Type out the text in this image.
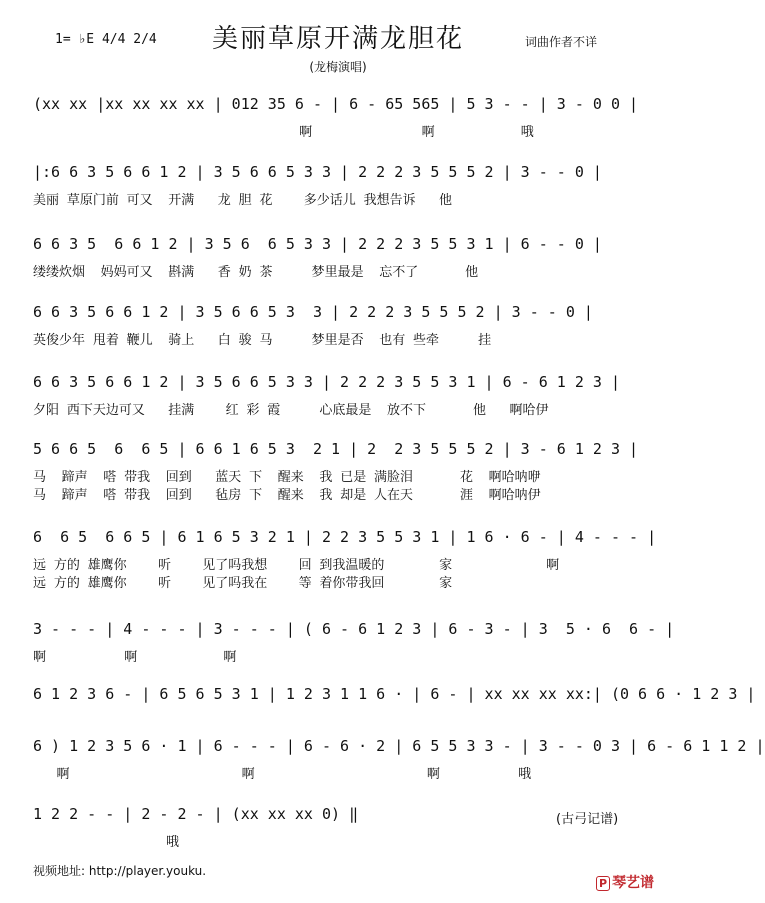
1= ♭E 4/4 2/4	美丽草原开满龙胆花	词曲作者不详
(龙梅演唱)
(xx xx |xx xx xx xx | 012 35 6 - | 6 - 65 565 | 5 3 - - | 3 - 0 0 |
啊              啊           哦
|:6 6 3 5 6 6 1 2 | 3 5 6 6 5 3 3 | 2 2 2 3 5 5 5 2 | 3 - - 0 |
美丽 草原门前 可又  开满   龙 胆 花    多少话儿 我想告诉   他
6 6 3 5  6 6 1 2 | 3 5 6  6 5 3 3 | 2 2 2 3 5 5 3 1 | 6 - - 0 |
缕缕炊烟  妈妈可又  斟满   香 奶 茶     梦里最是  忘不了      他
6 6 3 5 6 6 1 2 | 3 5 6 6 5 3  3 | 2 2 2 3 5 5 5 2 | 3 - - 0 |
英俊少年 甩着 鞭儿  骑上   白 骏 马     梦里是否  也有 些牵     挂
6 6 3 5 6 6 1 2 | 3 5 6 6 5 3 3 | 2 2 2 3 5 5 3 1 | 6 - 6 1 2 3 |
夕阳 西下天边可又   挂满    红 彩 霞     心底最是  放不下      他   啊哈伊
5 6 6 5  6  6 5 | 6 6 1 6 5 3  2 1 | 2  2 3 5 5 5 2 | 3 - 6 1 2 3 |
马  蹄声  嗒 带我  回到   蓝天 下  醒来  我 已是 满脸泪      花  啊哈呐咿
马  蹄声  嗒 带我  回到   毡房 下  醒来  我 却是 人在天      涯  啊哈呐伊
6  6 5  6 6 5 | 6 1 6 5 3 2 1 | 2 2 3 5 5 3 1 | 1 6 · 6 - | 4 - - - |
远 方的 雄鹰你    听    见了吗我想    回 到我温暖的       家            啊
远 方的 雄鹰你    听    见了吗我在    等 着你带我回       家
3 - - - | 4 - - - | 3 - - - | ( 6 - 6 1 2 3 | 6 - 3 - | 3  5 · 6  6 - |
啊          啊           啊
6 1 2 3 6 - | 6 5 6 5 3 1 | 1 2 3 1 1 6 · | 6 - | xx xx xx xx:| (0 6 6 · 1 2 3 |
6 ) 1 2 3 5 6 · 1 | 6 - - - | 6 - 6 · 2 | 6 5 5 3 3 - | 3 - - 0 3 | 6 - 6 1 1 2 |
啊                      啊                      啊          哦
1 2 2 - - | 2 - 2 - | (xx xx xx 0) ‖
哦
(古弓记谱)
视频地址: http://player.youku.
P 琴艺谱
